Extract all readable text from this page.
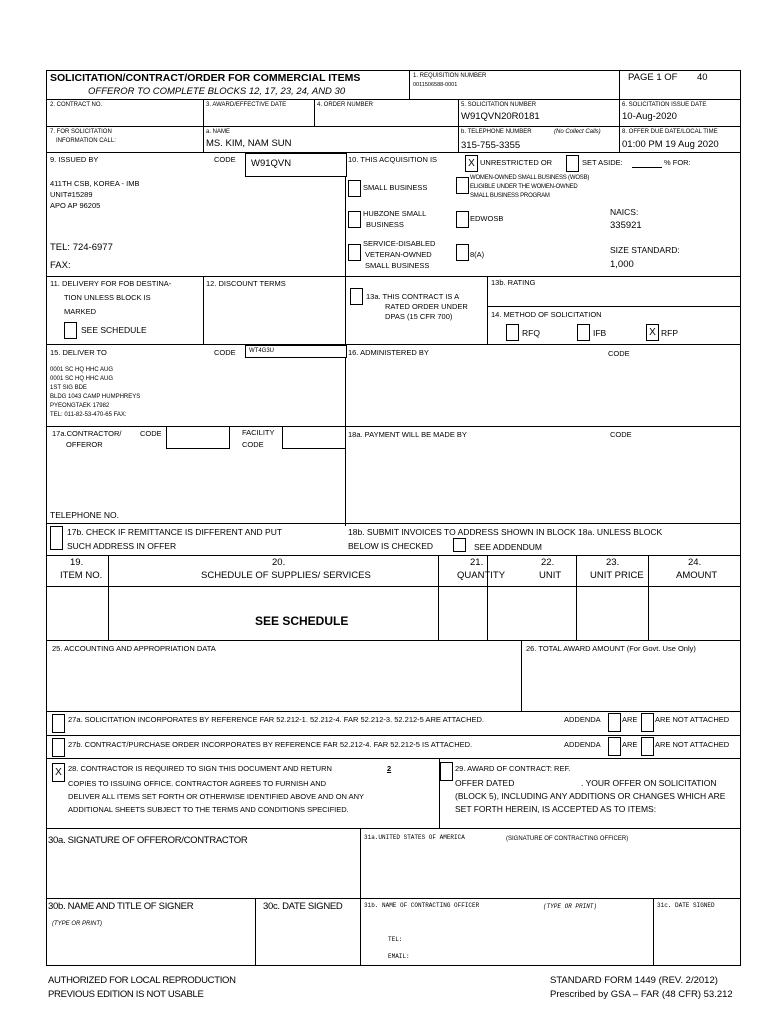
SOLICITATION/CONTRACT/ORDER FOR COMMERCIAL ITEMS
OFFEROR TO COMPLETE BLOCKS 12, 17, 23, 24, AND 30
1. REQUISITION NUMBER
0011506588-0001
PAGE 1 OF 40
2. CONTRACT NO.	3. AWARD/EFFECTIVE DATE	4. ORDER NUMBER	5. SOLICITATION NUMBER
W91QVN20R0181
6. SOLICITATION ISSUE DATE
10-Aug-2020
7. FOR SOLICITATION
INFORMATION CALL:
a. NAME
MS. KIM, NAM SUN
b. TELEPHONE NUMBER	(No Collect Calls)
315-755-3355
8. OFFER DUE DATE/LOCAL TIME
01:00 PM 19 Aug 2020
9. ISSUED BY	CODE W91QVN
411TH CSB, KOREA - IMB
UNIT#15289
APO AP 96205
TEL: 724-6977
FAX:
10. THIS ACQUISITION IS	X UNRESTRICTED OR	SET ASIDE:	% FOR:
SMALL BUSINESS
WOMEN-OWNED SMALL BUSINESS (WOSB)
ELIGIBLE UNDER THE WOMEN-OWNED
SMALL BUSINESS PROGRAM
HUBZONE SMALL
BUSINESS
EDWOSB
SERVICE-DISABLED
VETERAN-OWNED
SMALL BUSINESS
8(A)
NAICS:
335921
SIZE STANDARD:
1,000
11. DELIVERY FOR FOB DESTINA-
TION UNLESS BLOCK IS
MARKED
SEE SCHEDULE
12. DISCOUNT TERMS
13a. THIS CONTRACT IS A
RATED ORDER UNDER
DPAS (15 CFR 700)
13b. RATING
14. METHOD OF SOLICITATION
RFQ	IFB	X RFP
15. DELIVER TO	CODE WT4G3U
0001 SC HQ HHC AUG
0001 SC HQ HHC AUG
1ST SIG BDE
BLDG 1043 CAMP HUMPHREYS
PYEONGTAEK 17982
TEL: 011-82-53-470-65 FAX:
16. ADMINISTERED BY	CODE
17a.CONTRACTOR/
OFFEROR
CODE	FACILITY
CODE
TELEPHONE NO.
18a. PAYMENT WILL BE MADE BY	CODE
17b. CHECK IF REMITTANCE IS DIFFERENT AND PUT
SUCH ADDRESS IN OFFER
18b. SUBMIT INVOICES TO ADDRESS SHOWN IN BLOCK 18a. UNLESS BLOCK
BELOW IS CHECKED	SEE ADDENDUM
19.
ITEM NO.
20.
SCHEDULE OF SUPPLIES/ SERVICES
21.
QUANTITY
22.
UNIT
23.
UNIT PRICE
24.
AMOUNT
SEE SCHEDULE
25. ACCOUNTING AND APPROPRIATION DATA	26. TOTAL AWARD AMOUNT (For Govt. Use Only)
27a. SOLICITATION INCORPORATES BY REFERENCE FAR 52.212-1. 52.212-4. FAR 52.212-3. 52.212-5 ARE ATTACHED.	ADDENDA	ARE ARE NOT ATTACHED
27b. CONTRACT/PURCHASE ORDER INCORPORATES BY REFERENCE FAR 52.212-4. FAR 52.212-5 IS ATTACHED.	ADDENDA	ARE ARE NOT ATTACHED
X 28. CONTRACTOR IS REQUIRED TO SIGN THIS DOCUMENT AND RETURN	2
COPIES TO ISSUING OFFICE. CONTRACTOR AGREES TO FURNISH AND
DELIVER ALL ITEMS SET FORTH OR OTHERWISE IDENTIFIED ABOVE AND ON ANY
ADDITIONAL SHEETS SUBJECT TO THE TERMS AND CONDITIONS SPECIFIED.
29. AWARD OF CONTRACT: REF.
OFFER DATED	. YOUR OFFER ON SOLICITATION
(BLOCK 5), INCLUDING ANY ADDITIONS OR CHANGES WHICH ARE
SET FORTH HEREIN, IS ACCEPTED AS TO ITEMS:
30a. SIGNATURE OF OFFEROR/CONTRACTOR	31a.UNITED STATES OF AMERICA	(SIGNATURE OF CONTRACTING OFFICER)
30b. NAME AND TITLE OF SIGNER
(TYPE OR PRINT)
30c. DATE SIGNED	31b. NAME OF CONTRACTING OFFICER	(TYPE OR PRINT)
TEL:
EMAIL:
31c. DATE SIGNED
AUTHORIZED FOR LOCAL REPRODUCTION
PREVIOUS EDITION IS NOT USABLE
STANDARD FORM 1449 (REV. 2/2012)
Prescribed by GSA – FAR (48 CFR) 53.212
